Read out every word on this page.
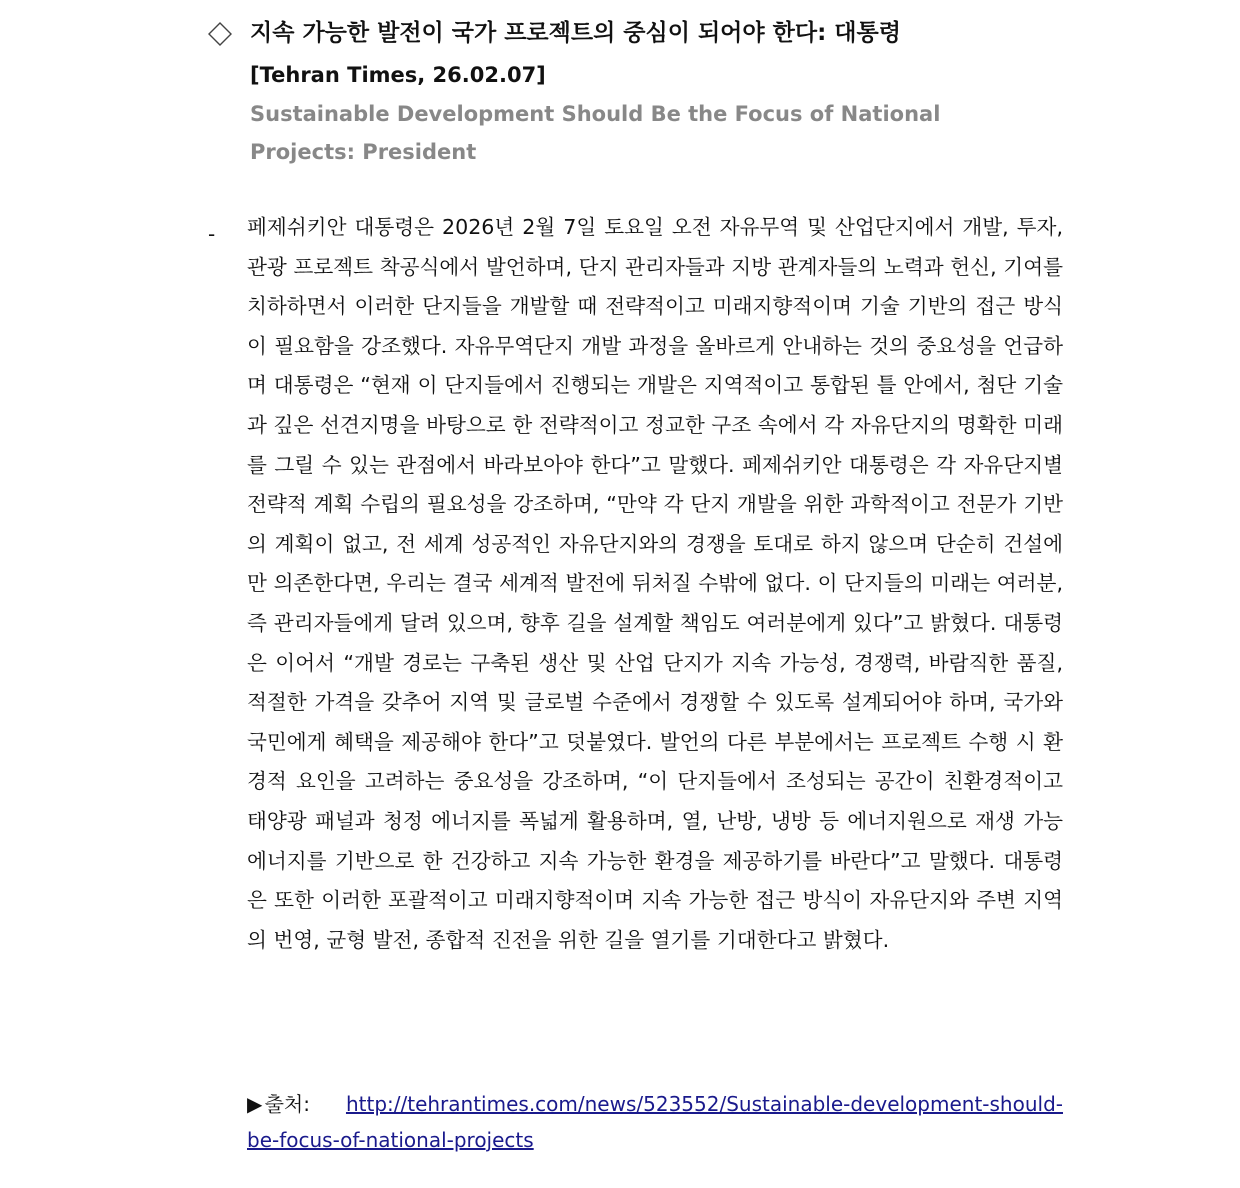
지속 가능한 발전이 국가 프로젝트의 중심이 되어야 한다: 대통령
[Tehran Times, 26.02.07]
Sustainable Development Should Be the Focus of National Projects: President
- 페제쉬키안 대통령은 2026년 2월 7일 토요일 오전 자유무역 및 산업단지에서 개발, 투자, 관광 프로젝트 착공식에서 발언하며, 단지 관리자들과 지방 관계자들의 노력과 헌신, 기여를 치하하면서 이러한 단지들을 개발할 때 전략적이고 미래지향적이며 기술 기반의 접근 방식이 필요함을 강조했다. 자유무역단지 개발 과정을 올바르게 안내하는 것의 중요성을 언급하며 대통령은 “현재 이 단지들에서 진행되는 개발은 지역적이고 통합된 틀 안에서, 첨단 기술과 깊은 선견지명을 바탕으로 한 전략적이고 정교한 구조 속에서 각 자유단지의 명확한 미래를 그릴 수 있는 관점에서 바라보아야 한다”고 말했다. 페제쉬키안 대통령은 각 자유단지별 전략적 계획 수립의 필요성을 강조하며, “만약 각 단지 개발을 위한 과학적이고 전문가 기반의 계획이 없고, 전 세계 성공적인 자유단지와의 경쟁을 토대로 하지 않으며 단순히 건설에만 의존한다면, 우리는 결국 세계적 발전에 뒤처질 수밖에 없다. 이 단지들의 미래는 여러분, 즉 관리자들에게 달려 있으며, 향후 길을 설계할 책임도 여러분에게 있다”고 밝혔다. 대통령은 이어서 “개발 경로는 구축된 생산 및 산업 단지가 지속 가능성, 경쟁력, 바람직한 품질, 적절한 가격을 갖추어 지역 및 글로벌 수준에서 경쟁할 수 있도록 설계되어야 하며, 국가와 국민에게 혜택을 제공해야 한다”고 덧붙였다. 발언의 다른 부분에서는 프로젝트 수행 시 환경적 요인을 고려하는 중요성을 강조하며, “이 단지들에서 조성되는 공간이 친환경적이고 태양광 패널과 청정 에너지를 폭넓게 활용하며, 열, 난방, 냉방 등 에너지원으로 재생 가능 에너지를 기반으로 한 건강하고 지속 가능한 환경을 제공하기를 바란다”고 말했다. 대통령은 또한 이러한 포괄적이고 미래지향적이며 지속 가능한 접근 방식이 자유단지와 주변 지역의 번영, 균형 발전, 종합적 진전을 위한 길을 열기를 기대한다고 밝혔다.

▶출처: http://tehrantimes.com/news/523552/Sustainable-development-should-be-focus-of-national-projects
